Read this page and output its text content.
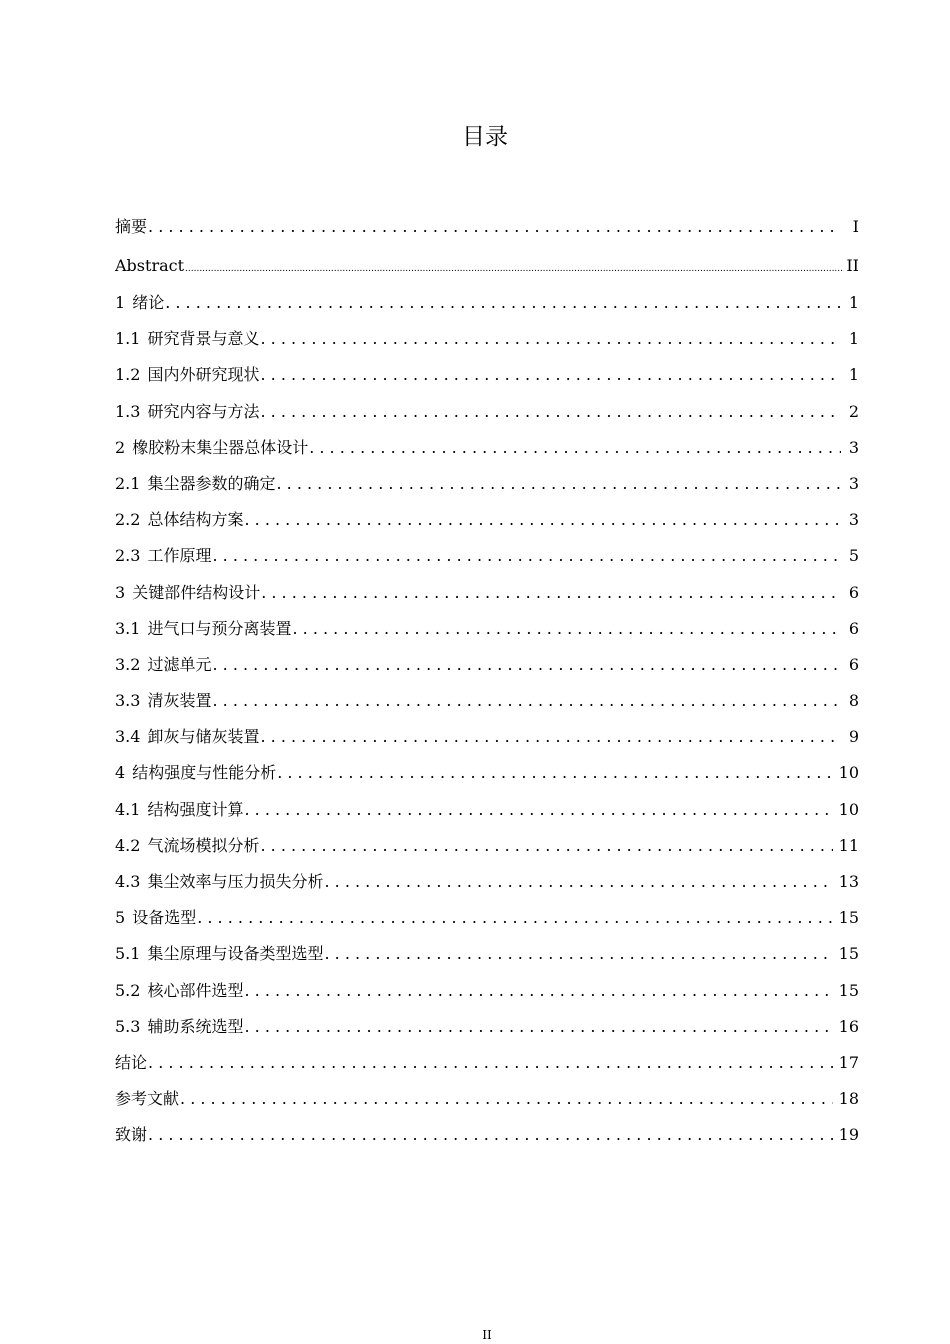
目录
摘要 . . .	I
Abstract .....	II
1 绪论 . . .	1
1.1 研究背景与意义 . . .	1
1.2 国内外研究现状 . . .	1
1.3 研究内容与方法 . . .	2
2 橡胶粉末集尘器总体设计 . . .	3
2.1 集尘器参数的确定 . . .	3
2.2 总体结构方案 . . .	3
2.3 工作原理 . . .	5
3 关键部件结构设计 . . .	6
3.1 进气口与预分离装置 . . .	6
3.2 过滤单元 . . .	6
3.3 清灰装置 . . .	8
3.4 卸灰与储灰装置 . . .	9
4 结构强度与性能分析 . . .	10
4.1 结构强度计算 . . .	10
4.2 气流场模拟分析 . . .	11
4.3 集尘效率与压力损失分析 . . .	13
5 设备选型 . . .	15
5.1 集尘原理与设备类型选型 . . .	15
5.2 核心部件选型 . . .	15
5.3 辅助系统选型 . . .	16
结论 . . .	17
参考文献 . . .	18
致谢 . . .	19
II
